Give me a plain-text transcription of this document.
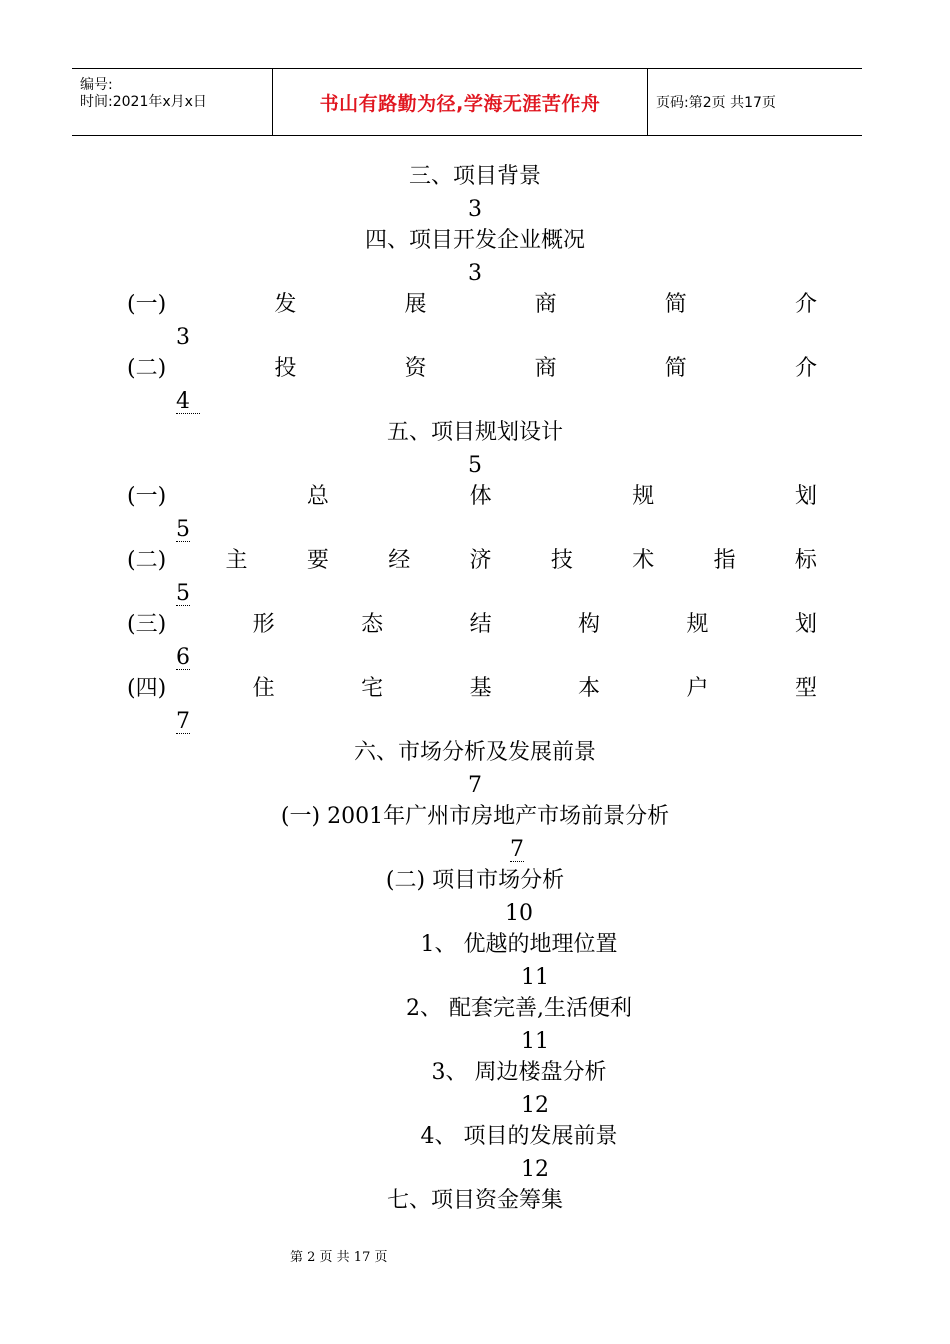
编号:
时间:2021年x月x日	书山有路勤为径,学海无涯苦作舟	页码:第2页 共17页
三、项目背景
3
四、项目开发企业概况
3
(一)	发	展	商	简	介
3
(二)	投	资	商	简	介
4
五、项目规划设计
5
(一)	总	体	规	划
5
(二)	主	要	经	济	技	术	指	标
5
(三)	形	态	结	构	规	划
6
(四)	住	宅	基	本	户	型
7
六、市场分析及发展前景
7
(一) 2001年广州市房地产市场前景分析
7
(二) 项目市场分析
10
1、 优越的地理位置
11
2、 配套完善,生活便利
11
3、 周边楼盘分析
12
4、 项目的发展前景
12
七、项目资金筹集
第 2 页 共 17 页
